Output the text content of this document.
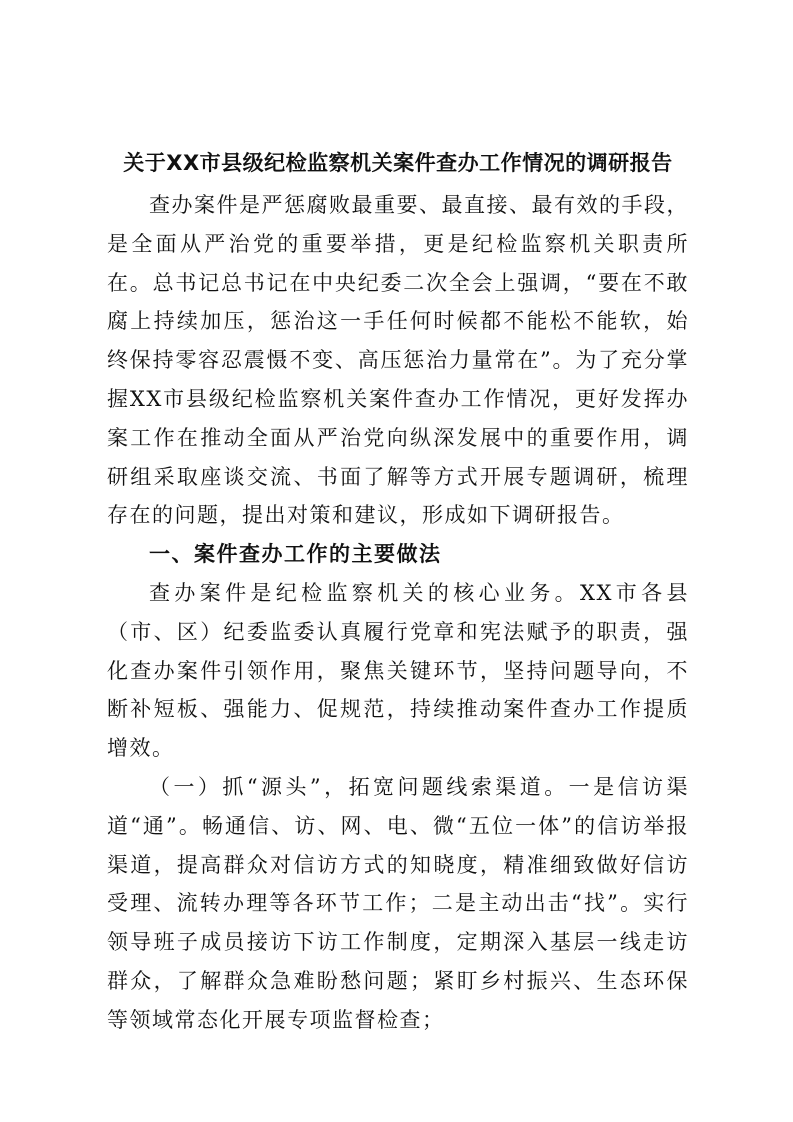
关于XX市县级纪检监察机关案件查办工作情况的调研报告

查办案件是严惩腐败最重要、最直接、最有效的手段，是全面从严治党的重要举措，更是纪检监察机关职责所在。总书记总书记在中央纪委二次全会上强调，“要在不敢腐上持续加压，惩治这一手任何时候都不能松不能软，始终保持零容忍震慑不变、高压惩治力量常在”。为了充分掌握XX市县级纪检监察机关案件查办工作情况，更好发挥办案工作在推动全面从严治党向纵深发展中的重要作用，调研组采取座谈交流、书面了解等方式开展专题调研，梳理存在的问题，提出对策和建议，形成如下调研报告。

一、案件查办工作的主要做法

查办案件是纪检监察机关的核心业务。XX市各县（市、区）纪委监委认真履行党章和宪法赋予的职责，强化查办案件引领作用，聚焦关键环节，坚持问题导向，不断补短板、强能力、促规范，持续推动案件查办工作提质增效。

（一）抓“源头”，拓宽问题线索渠道。一是信访渠道“通”。畅通信、访、网、电、微“五位一体”的信访举报渠道，提高群众对信访方式的知晓度，精准细致做好信访受理、流转办理等各环节工作；二是主动出击“找”。实行领导班子成员接访下访工作制度，定期深入基层一线走访群众，了解群众急难盼愁问题；紧盯乡村振兴、生态环保等领域常态化开展专项监督检查；
